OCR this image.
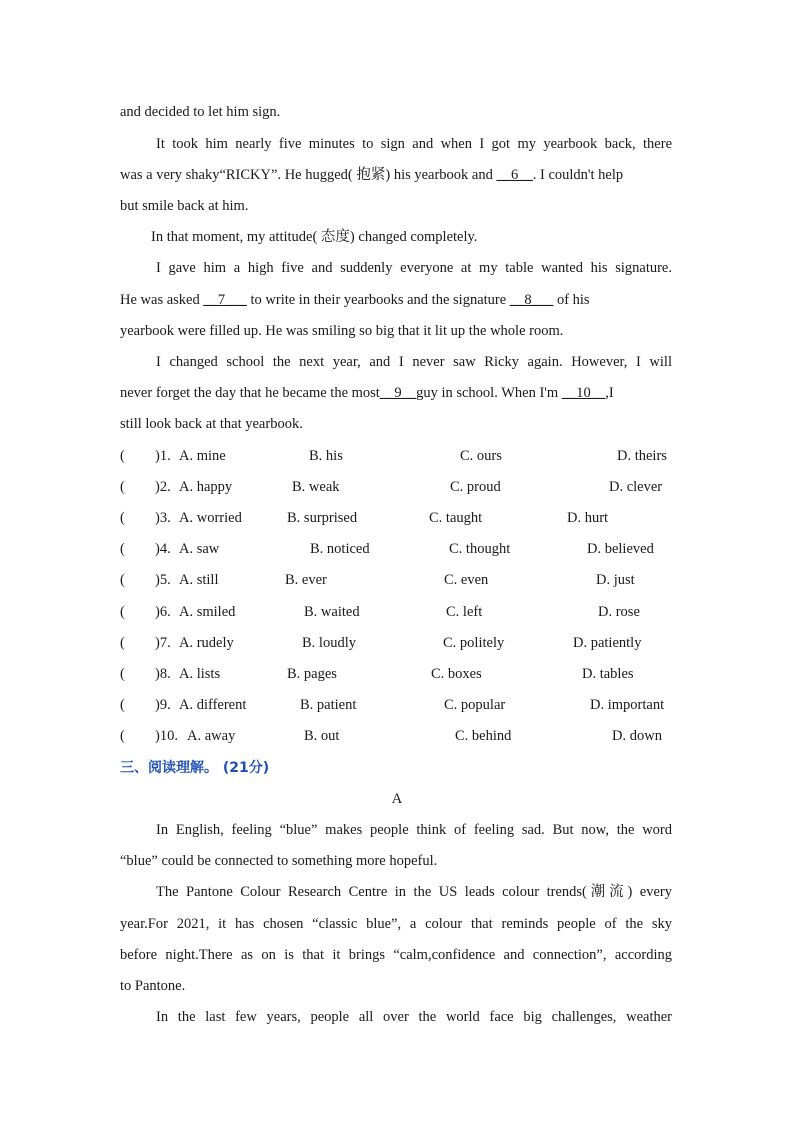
and decided to let him sign.
It took him nearly five minutes to sign and when I got my yearbook back, there
was a very shaky“RICKY”. He hugged( 抱紧) his yearbook and __6__. I couldn't help
but smile back at him.
In that moment, my attitude( 态度) changed completely.
I gave him a high five and suddenly everyone at my table wanted his signature.
He was asked __7___ to write in their yearbooks and the signature __8___ of his
yearbook were filled up. He was smiling so big that it lit up the whole room.
I changed school the next year, and I never saw Ricky again. However, I will
never forget the day that he became the most__9__guy in school. When I'm __10__,I
still look back at that yearbook.
( )1. A. mine	B. his	C. ours	D. theirs
( )2. A. happy	B. weak	C. proud	D. clever
( )3. A. worried	B. surprised	C. taught	D. hurt
( )4. A. saw	B. noticed	C. thought	D. believed
( )5. A. still	B. ever	C. even	D. just
( )6. A. smiled	B. waited	C. left	D. rose
( )7. A. rudely	B. loudly	C. politely	D. patiently
( )8. A. lists	B. pages	C. boxes	D. tables
( )9. A. different	B. patient	C. popular	D. important
( )10. A. away	B. out	C. behind	D. down
三、阅读理解。 (21分)
A
In English, feeling “blue” makes people think of feeling sad. But now, the word
“blue” could be connected to something more hopeful.
The Pantone Colour Research Centre in the US leads colour trends(潮流) every
year.For 2021, it has chosen “classic blue”, a colour that reminds people of the sky
before night.There as on is that it brings “calm,confidence and connection”, according
to Pantone.
In the last few years, people all over the world face big challenges, weather
